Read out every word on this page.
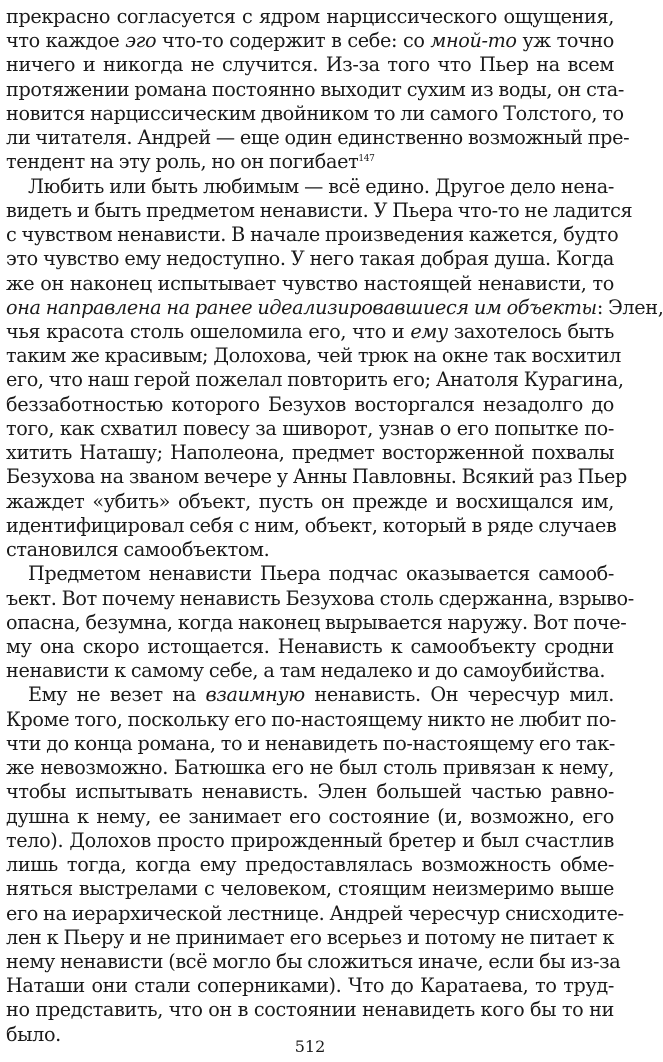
прекрасно согласуется с ядром нарциссического ощущения,
что каждое эго что-то содержит в себе: со мной-то уж точно
ничего и никогда не случится. Из-за того что Пьер на всем
протяжении романа постоянно выходит сухим из воды, он ста-
новится нарциссическим двойником то ли самого Толстого, то
ли читателя. Андрей — еще один единственно возможный пре-
тендент на эту роль, но он погибает$^{147}$
Любить или быть любимым — всё едино. Другое дело нена-
видеть и быть предметом ненависти. У Пьера что-то не ладится
с чувством ненависти. В начале произведения кажется, будто
это чувство ему недоступно. У него такая добрая душа. Когда
же он наконец испытывает чувство настоящей ненависти, то
она направлена на ранее идеализировавшиеся им объекты: Элен,
чья красота столь ошеломила его, что и ему захотелось быть
таким же красивым; Долохова, чей трюк на окне так восхитил
его, что наш герой пожелал повторить его; Анатоля Курагина,
беззаботностью которого Безухов восторгался незадолго до
того, как схватил повесу за шиворот, узнав о его попытке по-
хитить Наташу; Наполеона, предмет восторженной похвалы
Безухова на званом вечере у Анны Павловны. Всякий раз Пьер
жаждет «убить» объект, пусть он прежде и восхищался им,
идентифицировал себя с ним, объект, который в ряде случаев
становился самообъектом.
Предметом ненависти Пьера подчас оказывается самооб-
ъект. Вот почему ненависть Безухова столь сдержанна, взрыво-
опасна, безумна, когда наконец вырывается наружу. Вот поче-
му она скоро истощается. Ненависть к самообъекту сродни
ненависти к самому себе, а там недалеко и до самоубийства.
Ему не везет на взаимную ненависть. Он чересчур мил.
Кроме того, поскольку его по-настоящему никто не любит по-
чти до конца романа, то и ненавидеть по-настоящему его так-
же невозможно. Батюшка его не был столь привязан к нему,
чтобы испытывать ненависть. Элен большей частью равно-
душна к нему, ее занимает его состояние (и, возможно, его
тело). Долохов просто прирожденный бретер и был счастлив
лишь тогда, когда ему предоставлялась возможность обме-
няться выстрелами с человеком, стоящим неизмеримо выше
его на иерархической лестнице. Андрей чересчур снисходите-
лен к Пьеру и не принимает его всерьез и потому не питает к
нему ненависти (всё могло бы сложиться иначе, если бы из-за
Наташи они стали соперниками). Что до Каратаева, то труд-
но представить, что он в состоянии ненавидеть кого бы то ни
было.
512
